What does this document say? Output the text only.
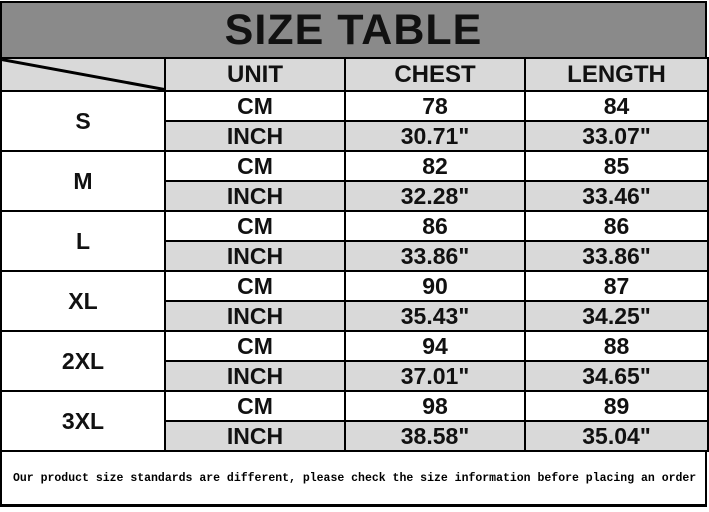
SIZE TABLE
	UNIT	CHEST	LENGTH
S	CM	78	84
	INCH	30.71"	33.07"
M	CM	82	85
	INCH	32.28"	33.46"
L	CM	86	86
	INCH	33.86"	33.86"
XL	CM	90	87
	INCH	35.43"	34.25"
2XL	CM	94	88
	INCH	37.01"	34.65"
3XL	CM	98	89
	INCH	38.58"	35.04"
Our product size standards are different, please check the size information before placing an order
